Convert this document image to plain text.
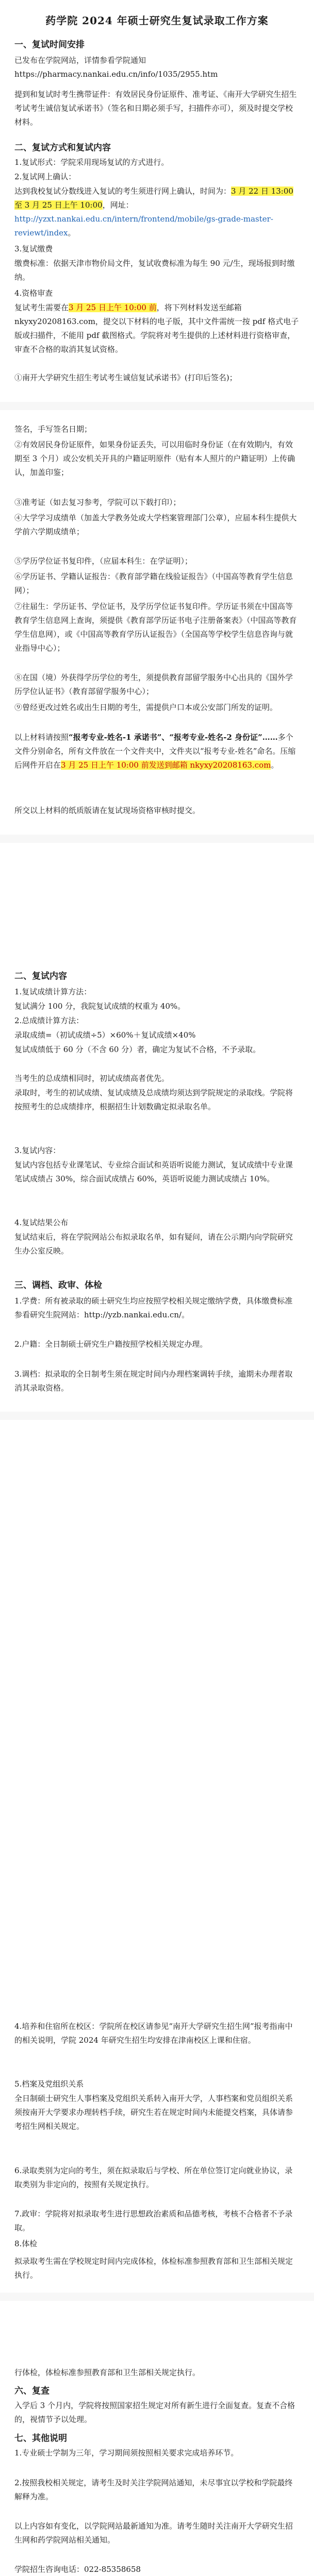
药学院 2024 年硕士研究生复试录取工作方案
一、复试时间安排
已发布在学院网站，详情参看学院通知 https://pharmacy.nankai.edu.cn/info/1035/2955.htm
提到和复试时考生携带证件：有效居民身份证原件、准考证、《南开大学研究生招生考试考生诚信复试承诺书》（签名和日期必须手写，扫描件亦可），须及时提交学校材料。
二、复试方式和复试内容
1.复试形式：学院采用现场复试的方式进行。
2.复试网上确认：
达到我校复试分数线进入复试的考生须进行网上确认，时间为：3 月 22 日 13:00 至 3 月 25 日上午 10:00，网址：http://yzxt.nankai.edu.cn/intern/frontend/mobile/gs-grade-master-reviewt/index。
3.复试缴费
缴费标准：依据天津市物价局文件，复试收费标准为每生 90 元/生，现场报到时缴纳。
4.资格审查
复试考生需要在3 月 25 日上午 10:00 前，将下列材料发送至邮箱 nkyxy20208163.com，提交以下材料的电子版，其中文件需统一按 pdf 格式电子版或扫描件，不能用 pdf 截图格式。学院将对考生提供的上述材料进行资格审查，审查不合格的取消其复试资格。
①南开大学研究生招生考试考生诚信复试承诺书》(打印后签名)；
签名，手写签名日期；
②有效居民身份证原件，如果身份证丢失，可以用临时身份证（在有效期内，有效期至 3 个月）或公安机关开具的户籍证明原件（贴有本人照片的户籍证明）上传确认，加盖印鉴；
③准考证（如去复习参考，学院可以下载打印）；
④大学学习成绩单（加盖大学教务处或大学档案管理部门公章），应届本科生提供大学前六学期成绩单；
⑤学历学位证书复印件，（应届本科生：在学证明）；
⑥学历证书、学籍认证报告：《教育部学籍在线验证报告》（中国高等教育学生信息网）；
⑦往届生：学历证书、学位证书，及学历学位证书复印件。学历证书须在中国高等教育学生信息网上查询，须提供《教育部学历证书电子注册备案表》（中国高等教育学生信息网），或《中国高等教育学历认证报告》（全国高等学校学生信息咨询与就业指导中心）；
⑧在国（境）外获得学历学位的考生，须提供教育部留学服务中心出具的《国外学历学位认证书》（教育部留学服务中心）；
⑨曾经更改过姓名或出生日期的考生，需提供户口本或公安部门所发的证明。
以上材料请按照“报考专业-姓名-1 承诺书”、“报考专业-姓名-2 身份证”……多个文件分别命名，所有文件放在一个文件夹中，文件夹以“报考专业-姓名”命名。压缩后网件开启在3 月 25 日上午 10:00 前发送到邮箱 nkyxy20208163.com。
所交以上材料的纸质版请在复试现场资格审核时提交。
二、复试内容
1.复试成绩计算方法：
复试满分 100 分，我院复试成绩的权重为 40%。
2.总成绩计算方法：
录取成绩=（初试成绩÷5）×60%＋复试成绩×40%
复试成绩低于 60 分（不含 60 分）者，确定为复试不合格，不予录取。
当考生的总成绩相同时，初试成绩高者优先。
录取时，考生的初试成绩、复试成绩及总成绩均须达到学院规定的录取线。学院将按照考生的总成绩排序，根据招生计划数确定拟录取名单。
3.复试内容：
复试内容包括专业课笔试、专业综合面试和英语听说能力测试，复试成绩中专业课笔试成绩占 30%，综合面试成绩占 60%，英语听说能力测试成绩占 10%。
4.复试结果公布
复试结束后，将在学院网站公布拟录取名单，如有疑问，请在公示期内向学院研究生办公室反映。
三、调档、政审、体检
1.学费：所有被录取的硕士研究生均应按照学校相关规定缴纳学费，具体缴费标准参看研究生院网站：http://yzb.nankai.edu.cn/。
2.户籍：全日制硕士研究生户籍按照学校相关规定办理。
3.调档：拟录取的全日制考生须在规定时间内办理档案调转手续，逾期未办理者取消其录取资格。
4.培养和住宿所在校区：学院所在校区请参见“南开大学研究生招生网”报考指南中的相关说明，学院 2024 年研究生招生均安排在津南校区上课和住宿。
5.档案及党组织关系
全日制硕士研究生人事档案及党组织关系转入南开大学，人事档案和党员组织关系须按南开大学要求办理转档手续，研究生若在规定时间内未能提交档案，具体请参考招生网相关规定。
6.录取类别为定向的考生，须在拟录取后与学校、所在单位签订定向就业协议，录取类别为非定向的，按照有关规定执行。
7.政审：学院将对拟录取考生进行思想政治素质和品德考核，考核不合格者不予录取。
8.体检
拟录取考生需在学校规定时间内完成体检，体检标准参照教育部和卫生部相关规定执行。
行体检，体检标准参照教育部和卫生部相关规定执行。
六、复查
入学后 3 个月内，学院将按照国家招生规定对所有新生进行全面复查。复查不合格的，视情节予以处理。
七、其他说明
1.专业硕士学制为三年，学习期间须按照相关要求完成培养环节。
2.按照我校相关规定，请考生及时关注学院网站通知，未尽事宜以学校和学院最终解释为准。
以上内容如有变化，以学院网站最新通知为准。请考生随时关注南开大学研究生招生网和药学院网站相关通知。
学院招生咨询电话：022-85358658
